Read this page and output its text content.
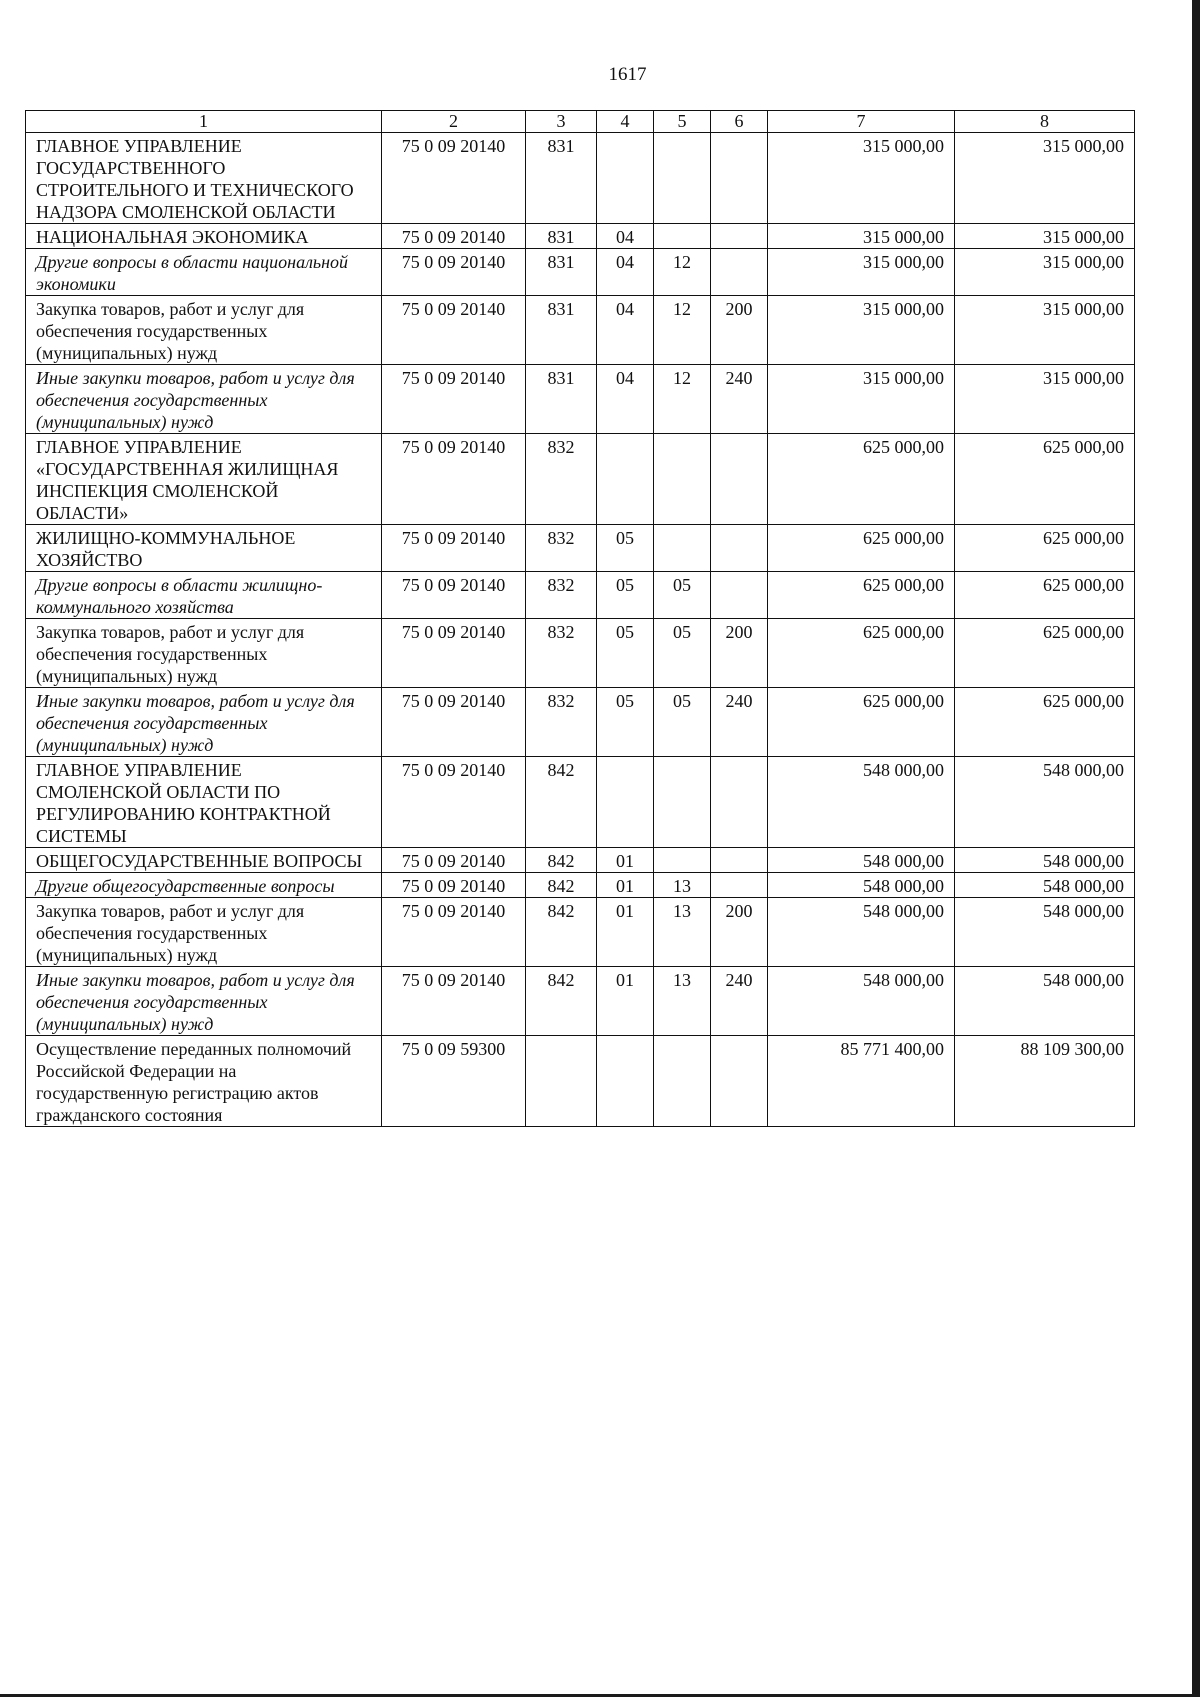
1617
1	2	3	4	5	6	7	8
ГЛАВНОЕ УПРАВЛЕНИЕ ГОСУДАРСТВЕННОГО СТРОИТЕЛЬНОГО И ТЕХНИЧЕСКОГО НАДЗОРА СМОЛЕНСКОЙ ОБЛАСТИ	75 0 09 20140	831				315 000,00	315 000,00
НАЦИОНАЛЬНАЯ ЭКОНОМИКА	75 0 09 20140	831	04			315 000,00	315 000,00
Другие вопросы в области национальной экономики	75 0 09 20140	831	04	12		315 000,00	315 000,00
Закупка товаров, работ и услуг для обеспечения государственных (муниципальных) нужд	75 0 09 20140	831	04	12	200	315 000,00	315 000,00
Иные закупки товаров, работ и услуг для обеспечения государственных (муниципальных) нужд	75 0 09 20140	831	04	12	240	315 000,00	315 000,00
ГЛАВНОЕ УПРАВЛЕНИЕ «ГОСУДАРСТВЕННАЯ ЖИЛИЩНАЯ ИНСПЕКЦИЯ СМОЛЕНСКОЙ ОБЛАСТИ»	75 0 09 20140	832				625 000,00	625 000,00
ЖИЛИЩНО-КОММУНАЛЬНОЕ ХОЗЯЙСТВО	75 0 09 20140	832	05			625 000,00	625 000,00
Другие вопросы в области жилищно-коммунального хозяйства	75 0 09 20140	832	05	05		625 000,00	625 000,00
Закупка товаров, работ и услуг для обеспечения государственных (муниципальных) нужд	75 0 09 20140	832	05	05	200	625 000,00	625 000,00
Иные закупки товаров, работ и услуг для обеспечения государственных (муниципальных) нужд	75 0 09 20140	832	05	05	240	625 000,00	625 000,00
ГЛАВНОЕ УПРАВЛЕНИЕ СМОЛЕНСКОЙ ОБЛАСТИ ПО РЕГУЛИРОВАНИЮ КОНТРАКТНОЙ СИСТЕМЫ	75 0 09 20140	842				548 000,00	548 000,00
ОБЩЕГОСУДАРСТВЕННЫЕ ВОПРОСЫ	75 0 09 20140	842	01			548 000,00	548 000,00
Другие общегосударственные вопросы	75 0 09 20140	842	01	13		548 000,00	548 000,00
Закупка товаров, работ и услуг для обеспечения государственных (муниципальных) нужд	75 0 09 20140	842	01	13	200	548 000,00	548 000,00
Иные закупки товаров, работ и услуг для обеспечения государственных (муниципальных) нужд	75 0 09 20140	842	01	13	240	548 000,00	548 000,00
Осуществление переданных полномочий Российской Федерации на государственную регистрацию актов гражданского состояния	75 0 09 59300					85 771 400,00	88 109 300,00
